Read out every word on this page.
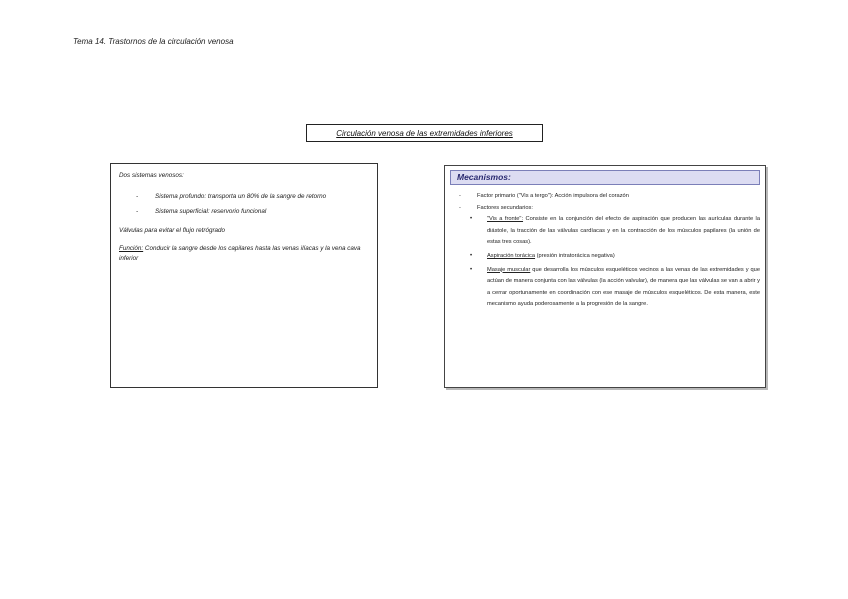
Tema 14. Trastornos de la circulación venosa
Circulación venosa de las extremidades inferiores

Dos sistemas venosos:

-	Sistema profundo: transporta un 80% de la sangre de retorno
-	Sistema superficial: reservorio funcional

Válvulas para evitar el flujo retrógrado

Función: Conducir la sangre desde los capilares hasta las venas ilíacas y la vena cava inferior

Mecanismos:
-	Factor primario ("Vis a tergo"): Acción impulsora del corazón
-	Factores secundarios:
•	"Vis a fronte": Consiste en la conjunción del efecto de aspiración que producen las aurículas durante la diástole, la tracción de las válvulas cardíacas y en la contracción de los músculos papilares (la unión de estas tres cosas).
•	Aspiración torácica (presión intratorácica negativa)
•	Masaje muscular que desarrolla los músculos esqueléticos vecinos a las venas de las extremidades y que actúan de manera conjunta con las válvulas (la acción valvular), de manera que las válvulas se van a abrir y a cerrar oportunamente en coordinación con ese masaje de músculos esqueléticos. De esta manera, este mecanismo ayuda poderosamente a la progresión de la sangre.
